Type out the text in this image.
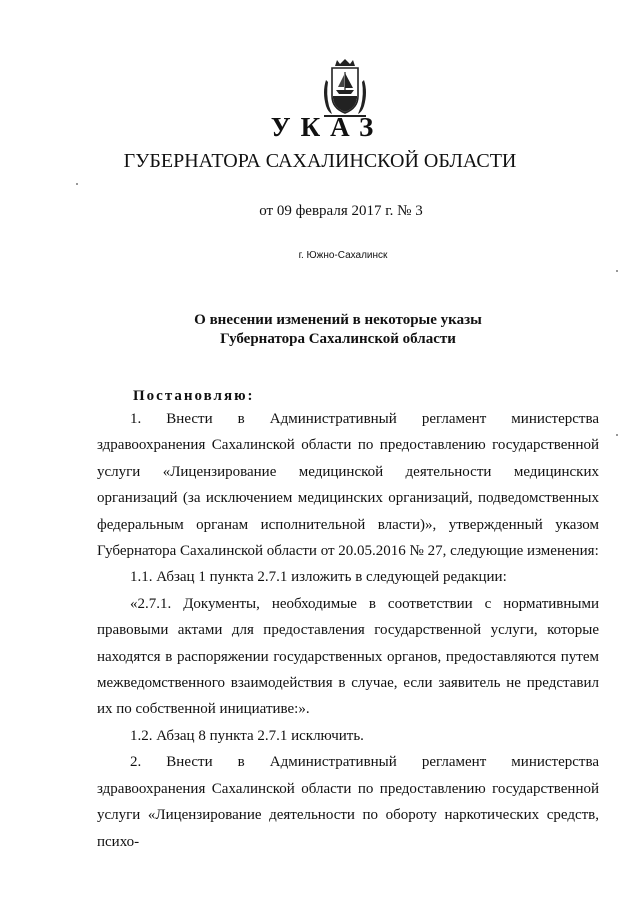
УКАЗ
ГУБЕРНАТОРА САХАЛИНСКОЙ ОБЛАСТИ
от 09 февраля 2017 г. № 3
г. Южно-Сахалинск
О внесении изменений в некоторые указы
Губернатора Сахалинской области
Постановляю:

1. Внести в Административный регламент министерства здравоохранения Сахалинской области по предоставлению государственной услуги «Лицензирование медицинской деятельности медицинских организаций (за исключением медицинских организаций, подведомственных федеральным органам исполнительной власти)», утвержденный указом Губернатора Сахалинской области от 20.05.2016 № 27, следующие изменения:

1.1. Абзац 1 пункта 2.7.1 изложить в следующей редакции:

«2.7.1. Документы, необходимые в соответствии с нормативными правовыми актами для предоставления государственной услуги, которые находятся в распоряжении государственных органов, предоставляются путем межведомственного взаимодействия в случае, если заявитель не представил их по собственной инициативе:».

1.2. Абзац 8 пункта 2.7.1 исключить.

2. Внести в Административный регламент министерства здравоохранения Сахалинской области по предоставлению государственной услуги «Лицензирование деятельности по обороту наркотических средств, психо-
